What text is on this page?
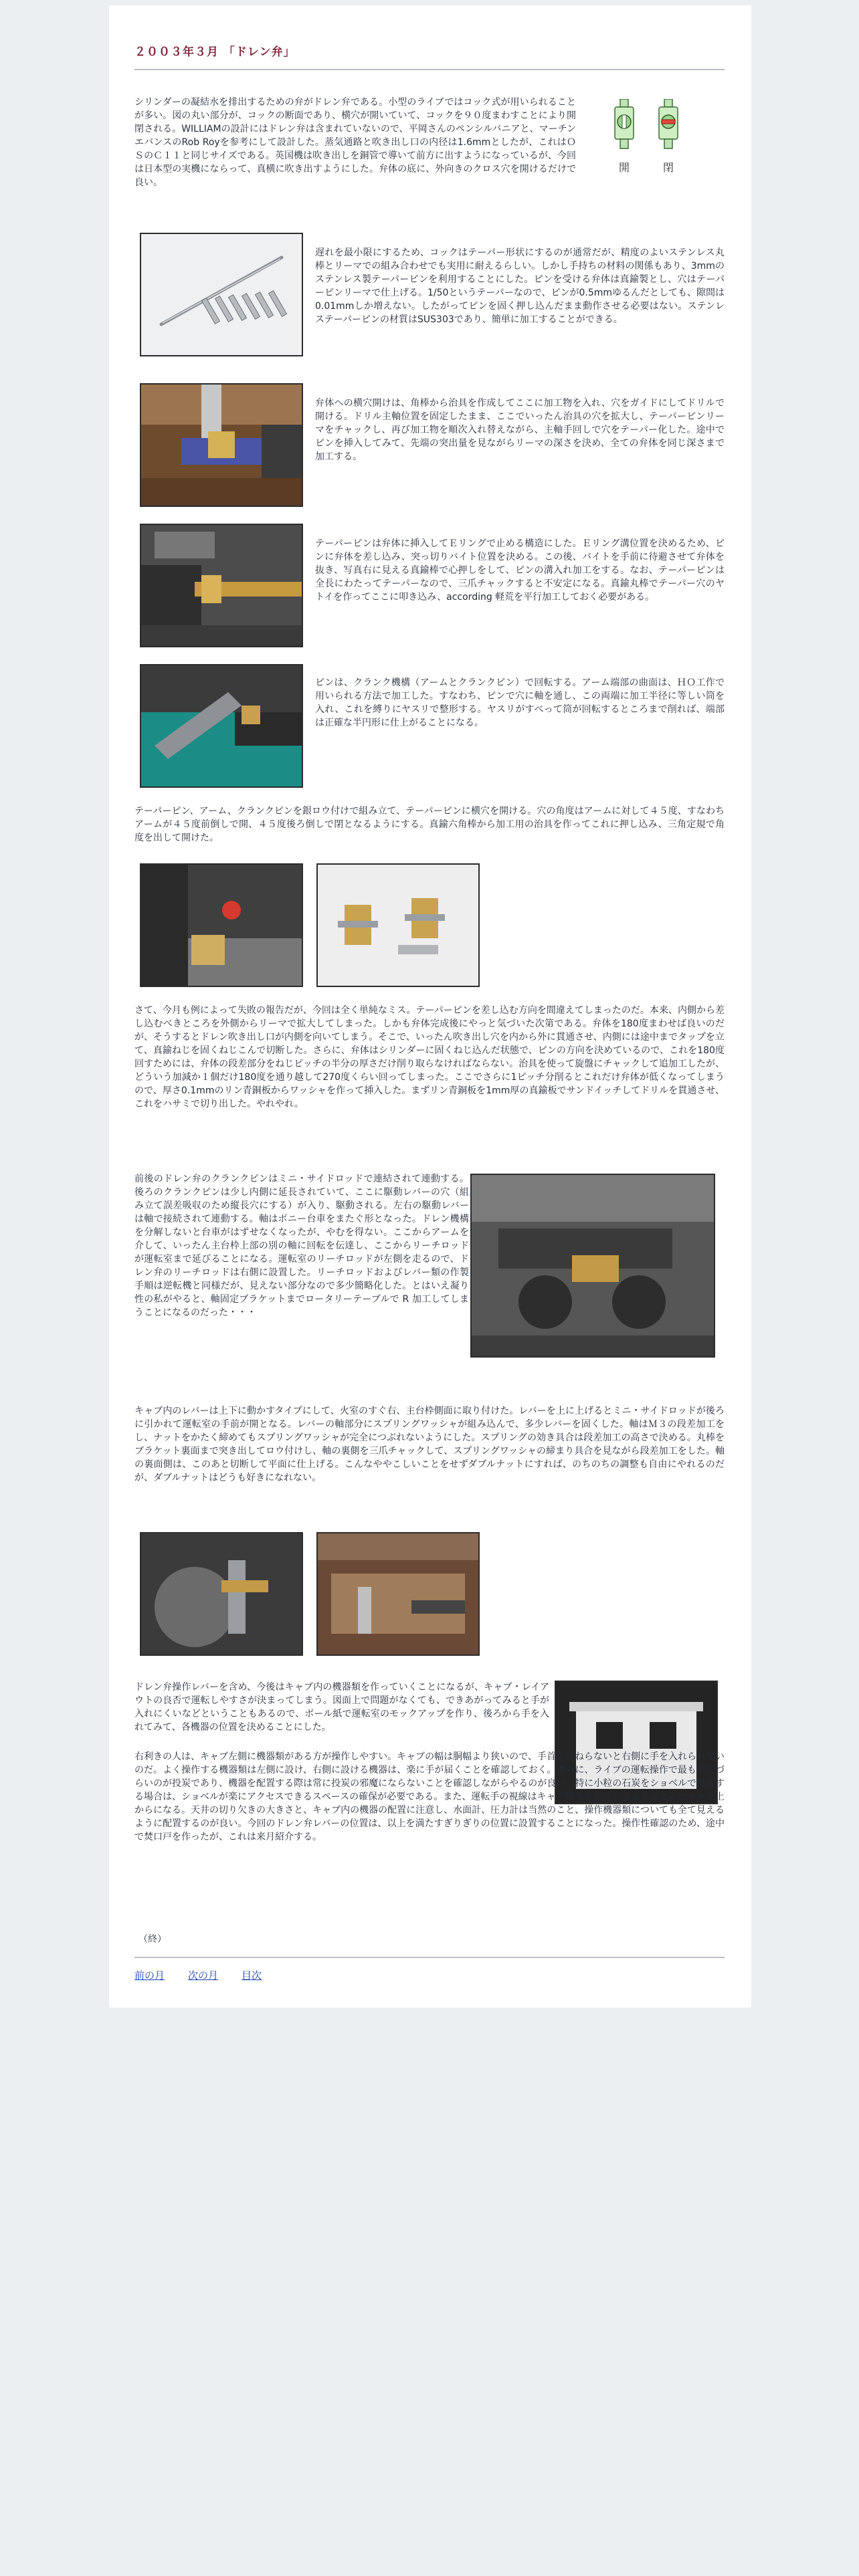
２００３年３月 「ドレン弁」

シリンダーの凝結水を排出するための弁がドレン弁である。小型のライブではコック式が用いられることが多い。図の丸い部分が、コックの断面であり、横穴が開いていて、コックを９０度まわすことにより開閉される。WILLIAMの設計にはドレン弁は含まれていないので、平岡さんのペンシルバニアと、マーチンエバンスのRob Royを参考にして設計した。蒸気通路と吹き出し口の内径は1.6mmとしたが、これはＯＳのＣ１１と同じサイズである。英国機は吹き出しを銅管で導いて前方に出すようになっているが、今回は日本型の実機にならって、真横に吹き出すようにした。弁体の底に、外向きのクロス穴を開けるだけで良い。

開	閉

遅れを最小限にするため、コックはテーパー形状にするのが通常だが、精度のよいステンレス丸棒とリーマでの組み合わせでも実用に耐えるらしい。しかし手持ちの材料の関係もあり、3mmのステンレス製テーパーピンを利用することにした。ピンを受ける弁体は真鍮製とし、穴はテーパーピンリーマで仕上げる。1/50というテーパーなので、ピンが0.5mmゆるんだとしても、隙間は0.01mmしか増えない。したがってピンを固く押し込んだまま動作させる必要はない。ステンレステーパーピンの材質はSUS303であり、簡単に加工することができる。

弁体への横穴開けは、角棒から治具を作成してここに加工物を入れ、穴をガイドにしてドリルで開ける。ドリル主軸位置を固定したまま、ここでいったん治具の穴を拡大し、テーパーピンリーマをチャックし、再び加工物を順次入れ替えながら、主軸手回しで穴をテーパー化した。途中でピンを挿入してみて、先端の突出量を見ながらリーマの深さを決め、全ての弁体を同じ深さまで加工する。

テーパーピンは弁体に挿入してＥリングで止める構造にした。Ｅリング溝位置を決めるため、ピンに弁体を差し込み、突っ切りバイト位置を決める。この後、バイトを手前に待避させて弁体を抜き、写真右に見える真鍮棒で心押しをして、ピンの溝入れ加工をする。なお、テーパーピンは全長にわたってテーパーなので、三爪チャックすると不安定になる。真鍮丸棒でテーパー穴のヤトイを作ってここに叩き込み、according 軽荒を平行加工しておく必要がある。

ピンは、クランク機構（アームとクランクピン）で回転する。アーム端部の曲面は、ＨＯ工作で用いられる方法で加工した。すなわち、ピンで穴に軸を通し、この両端に加工半径に等しい筒を入れ、これを縛りにヤスリで整形する。ヤスリがすべって筒が回転するところまで削れば、端部は正確な半円形に仕上がることになる。

テーパーピン、アーム、クランクピンを銀ロウ付けで組み立て、テーパーピンに横穴を開ける。穴の角度はアームに対して４５度、すなわちアームが４５度前倒しで開、４５度後ろ倒しで閉となるようにする。真鍮六角棒から加工用の治具を作ってこれに押し込み、三角定規で角度を出して開けた。

さて、今月も例によって失敗の報告だが、今回は全く単純なミス。テーパーピンを差し込む方向を間違えてしまったのだ。本来、内側から差し込むべきところを外側からリーマで拡大してしまった。しかも弁体完成後にやっと気づいた次第である。弁体を180度まわせば良いのだが、そうするとドレン吹き出し口が内側を向いてしまう。そこで、いったん吹き出し穴を内から外に貫通させ、内側には途中までタップを立て、真鍮ねじを固くねじこんで切断した。さらに、弁体はシリンダーに固くねじ込んだ状態で、ピンの方向を決めているので、これを180度回すためには、弁体の段差部分をねじピッチの半分の厚さだけ削り取らなければならない。治具を使って旋盤にチャックして追加工したが、どういう加減か１個だけ180度を通り越して270度くらい回ってしまった。ここでさらに1ピッチ分削るとこれだけ弁体が低くなってしまうので、厚さ0.1mmのリン青銅板からワッシャを作って挿入した。まずリン青銅板を1mm厚の真鍮板でサンドイッチしてドリルを貫通させ、これをハサミで切り出した。やれやれ。

前後のドレン弁のクランクピンはミニ・サイドロッドで連結されて連動する。後ろのクランクピンは少し内側に延長されていて、ここに駆動レバーの穴（組み立て誤差吸収のため縦長穴にする）が入り、駆動される。左右の駆動レバーは軸で接続されて連動する。軸はボニー台車をまたぐ形となった。ドレン機構を分解しないと台車がはずせなくなったが、やむを得ない。ここからアームを介して、いったん主台枠上部の別の軸に回転を伝達し、ここからリーチロッドが運転室まで延びることになる。運転室のリーチロッドが左側を走るので、ドレン弁のリーチロッドは右側に設置した。リーチロッドおよびレバー類の作製手順は逆転機と同様だが、見えない部分なので多少簡略化した。とはいえ凝り性の私がやると、軸固定ブラケットまでロータリーテーブルで R 加工してしまうことになるのだった・・・

キャブ内のレバーは上下に動かすタイプにして、火室のすぐ右、主台枠側面に取り付けた。レバーを上に上げるとミニ・サイドロッドが後ろに引かれて運転室の手前が開となる。レバーの軸部分にスプリングワッシャが組み込んで、多少レバーを固くした。軸はＭ３の段差加工をし、ナットをかたく締めてもスプリングワッシャが完全につぶれないようにした。スプリングの効き具合は段差加工の高さで決める。丸棒をブラケット裏面まで突き出してロウ付けし、軸の裏側を三爪チャックして、スプリングワッシャの締まり具合を見ながら段差加工をした。軸の裏面側は、このあと切断して平面に仕上げる。こんなややこしいことをせずダブルナットにすれば、のちのちの調整も自由にやれるのだが、ダブルナットはどうも好きになれない。

ドレン弁操作レバーを含め、今後はキャブ内の機器類を作っていくことになるが、キャブ・レイアウトの良否で運転しやすさが決まってしまう。図面上で問題がなくても、できあがってみると手が入れにくいなどということもあるので、ボール紙で運転室のモックアップを作り、後ろから手を入れてみて、各機器の位置を決めることにした。

右利きの人は、キャブ左側に機器類がある方が操作しやすい。キャブの幅は胴幅より狭いので、手首をひねらないと右側に手を入れられないのだ。よく操作する機器類は左側に設け、右側に設ける機器は、楽に手が届くことを確認しておく。さらに、ライブの運転操作で最もやりづらいのが投炭であり、機器を配置する際は常に投炭の邪魔にならないことを確認しながらやるのが良い。特に小粒の石炭をショベルで投炭する場合は、ショベルが楽にアクセスできるスペースの確保が必要である。また、運転手の視線はキャブ後ろからというよりほとんどキャブ上からになる。天井の切り欠きの大きさと、キャブ内の機器の配置に注意し、水面計、圧力計は当然のこと、操作機器類についても全て見えるように配置するのが良い。今回のドレン弁レバーの位置は、以上を満たすぎりぎりの位置に設置することになった。操作性確認のため、途中で焚口戸を作ったが、これは来月紹介する。

（終）

前の月 次の月 目次
